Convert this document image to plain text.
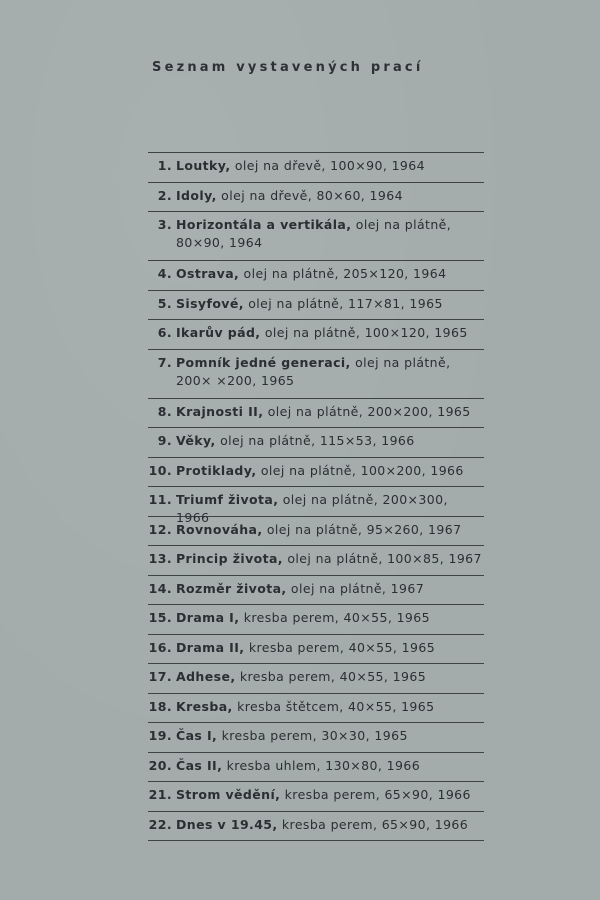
Seznam vystavených prací
1. Loutky, olej na dřevě, 100×90, 1964
2. Idoly, olej na dřevě, 80×60, 1964
3. Horizontála a vertikála, olej na plátně, 80×90, 1964
4. Ostrava, olej na plátně, 205×120, 1964
5. Sisyfové, olej na plátně, 117×81, 1965
6. Ikarův pád, olej na plátně, 100×120, 1965
7. Pomník jedné generaci, olej na plátně, 200× ×200, 1965
8. Krajnosti II, olej na plátně, 200×200, 1965
9. Věky, olej na plátně, 115×53, 1966
10. Protiklady, olej na plátně, 100×200, 1966
11. Triumf života, olej na plátně, 200×300, 1966
12. Rovnováha, olej na plátně, 95×260, 1967
13. Princip života, olej na plátně, 100×85, 1967
14. Rozměr života, olej na plátně, 1967
15. Drama I, kresba perem, 40×55, 1965
16. Drama II, kresba perem, 40×55, 1965
17. Adhese, kresba perem, 40×55, 1965
18. Kresba, kresba štětcem, 40×55, 1965
19. Čas I, kresba perem, 30×30, 1965
20. Čas II, kresba uhlem, 130×80, 1966
21. Strom vědění, kresba perem, 65×90, 1966
22. Dnes v 19.45, kresba perem, 65×90, 1966
